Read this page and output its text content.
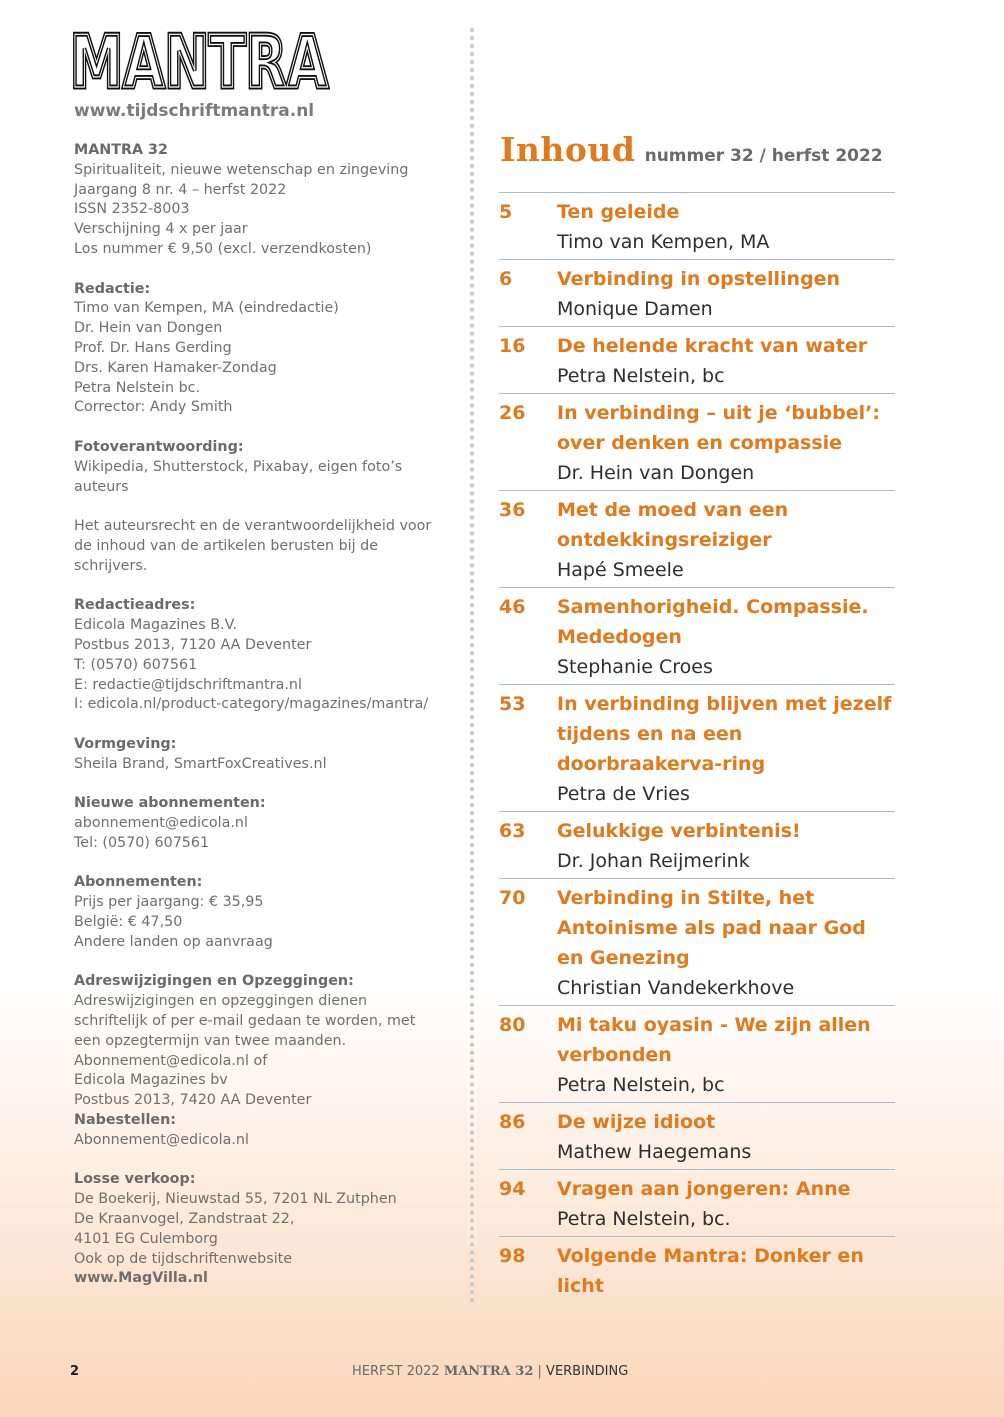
MANTRA
MANTRA
www.tijdschriftmantra.nl
MANTRA 32
Spiritualiteit, nieuwe wetenschap en zingeving
Jaargang 8 nr. 4 – herfst 2022
ISSN 2352-8003
Verschijning 4 x per jaar
Los nummer € 9,50 (excl. verzendkosten)
Redactie:
Timo van Kempen, MA (eindredactie)
Dr. Hein van Dongen
Prof. Dr. Hans Gerding
Drs. Karen Hamaker-Zondag
Petra Nelstein bc.
Corrector: Andy Smith
Fotoverantwoording:
Wikipedia, Shutterstock, Pixabay, eigen foto’s auteurs
Het auteursrecht en de verantwoordelijkheid voor de inhoud van de artikelen berusten bij de schrijvers.
Redactieadres:
Edicola Magazines B.V.
Postbus 2013, 7120 AA Deventer
T: (0570) 607561
E: redactie@tijdschriftmantra.nl
I: edicola.nl/product-category/magazines/mantra/
Vormgeving:
Sheila Brand, SmartFoxCreatives.nl
Nieuwe abonnementen:
abonnement@edicola.nl
Tel: (0570) 607561
Abonnementen:
Prijs per jaargang: € 35,95
België: € 47,50
Andere landen op aanvraag
Adreswijzigingen en Opzeggingen:
Adreswijzigingen en opzeggingen dienen schriftelijk of per e-mail gedaan te worden, met een opzegtermijn van twee maanden.
Abonnement@edicola.nl of
Edicola Magazines bv
Postbus 2013, 7420 AA Deventer
Nabestellen:
Abonnement@edicola.nl
Losse verkoop:
De Boekerij, Nieuwstad 55, 7201 NL Zutphen
De Kraanvogel, Zandstraat 22,
4101 EG Culemborg
Ook op de tijdschriftenwebsite
www.MagVilla.nl
Inhoud nummer 32 / herfst 2022
5	Ten geleide
Timo van Kempen, MA
6	Verbinding in opstellingen
Monique Damen
16	De helende kracht van water
Petra Nelstein, bc
26	In verbinding – uit je ‘bubbel’: over denken en compassie
Dr. Hein van Dongen
36	Met de moed van een ontdekkingsreiziger
Hapé Smeele
46	Samenhorigheid. Compassie. Mededogen
Stephanie Croes
53	In verbinding blijven met jezelf tijdens en na een doorbraakerva-ring
Petra de Vries
63	Gelukkige verbintenis!
Dr. Johan Reijmerink
70	Verbinding in Stilte, het Antoinisme als pad naar God en Genezing
Christian Vandekerkhove
80	Mi taku oyasin - We zijn allen verbonden
Petra Nelstein, bc
86	De wijze idioot
Mathew Haegemans
94	Vragen aan jongeren: Anne
Petra Nelstein, bc.
98	Volgende Mantra: Donker en licht
2	HERFST 2022 MANTRA 32 | VERBINDING
